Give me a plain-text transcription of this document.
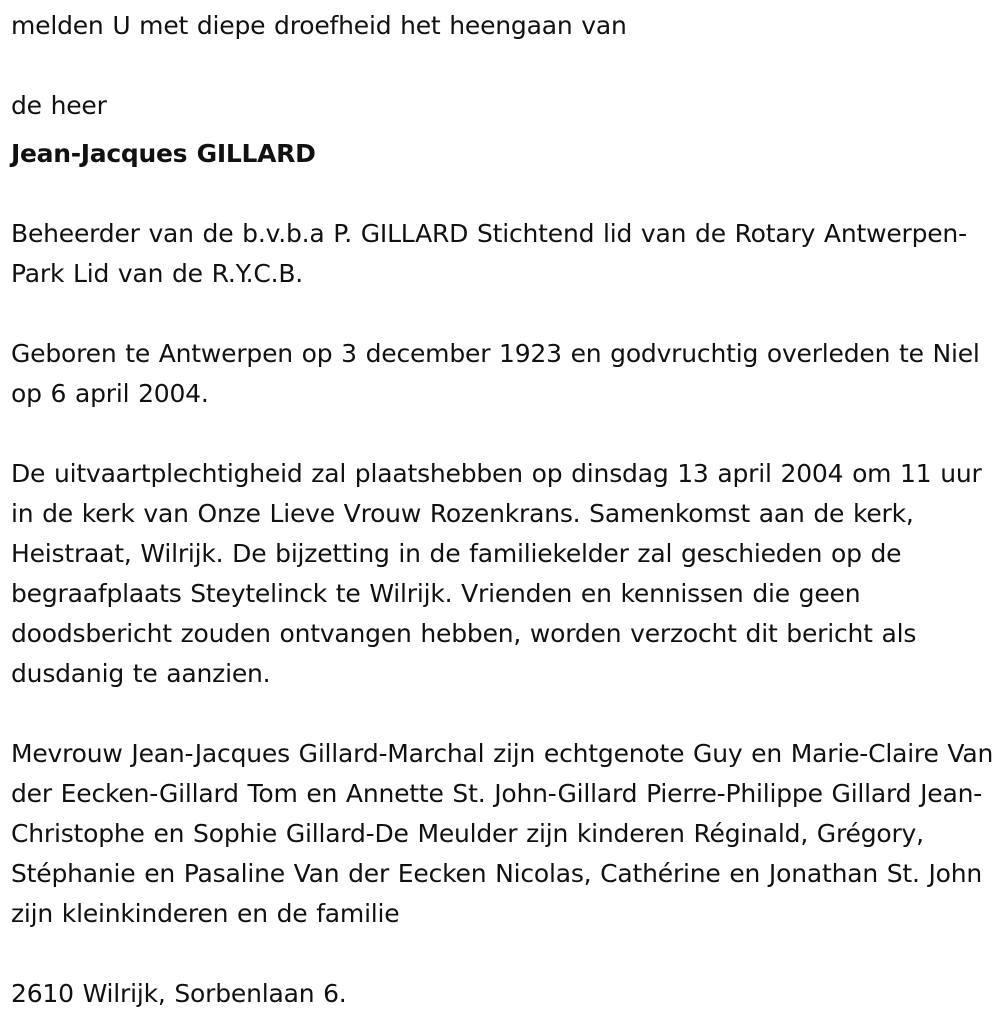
melden U met diepe droefheid het heengaan van

de heer

Jean-Jacques GILLARD

Beheerder van de b.v.b.a P. GILLARD Stichtend lid van de Rotary Antwerpen-Park Lid van de R.Y.C.B.

Geboren te Antwerpen op 3 december 1923 en godvruchtig overleden te Niel op 6 april 2004.

De uitvaartplechtigheid zal plaatshebben op dinsdag 13 april 2004 om 11 uur in de kerk van Onze Lieve Vrouw Rozenkrans. Samenkomst aan de kerk, Heistraat, Wilrijk. De bijzetting in de familiekelder zal geschieden op de begraafplaats Steytelinck te Wilrijk. Vrienden en kennissen die geen doodsbericht zouden ontvangen hebben, worden verzocht dit bericht als dusdanig te aanzien.

Mevrouw Jean-Jacques Gillard-Marchal zijn echtgenote Guy en Marie-Claire Van der Eecken-Gillard Tom en Annette St. John-Gillard Pierre-Philippe Gillard Jean-Christophe en Sophie Gillard-De Meulder zijn kinderen Réginald, Grégory, Stéphanie en Pasaline Van der Eecken Nicolas, Cathérine en Jonathan St. John zijn kleinkinderen en de familie

2610 Wilrijk, Sorbenlaan 6.
